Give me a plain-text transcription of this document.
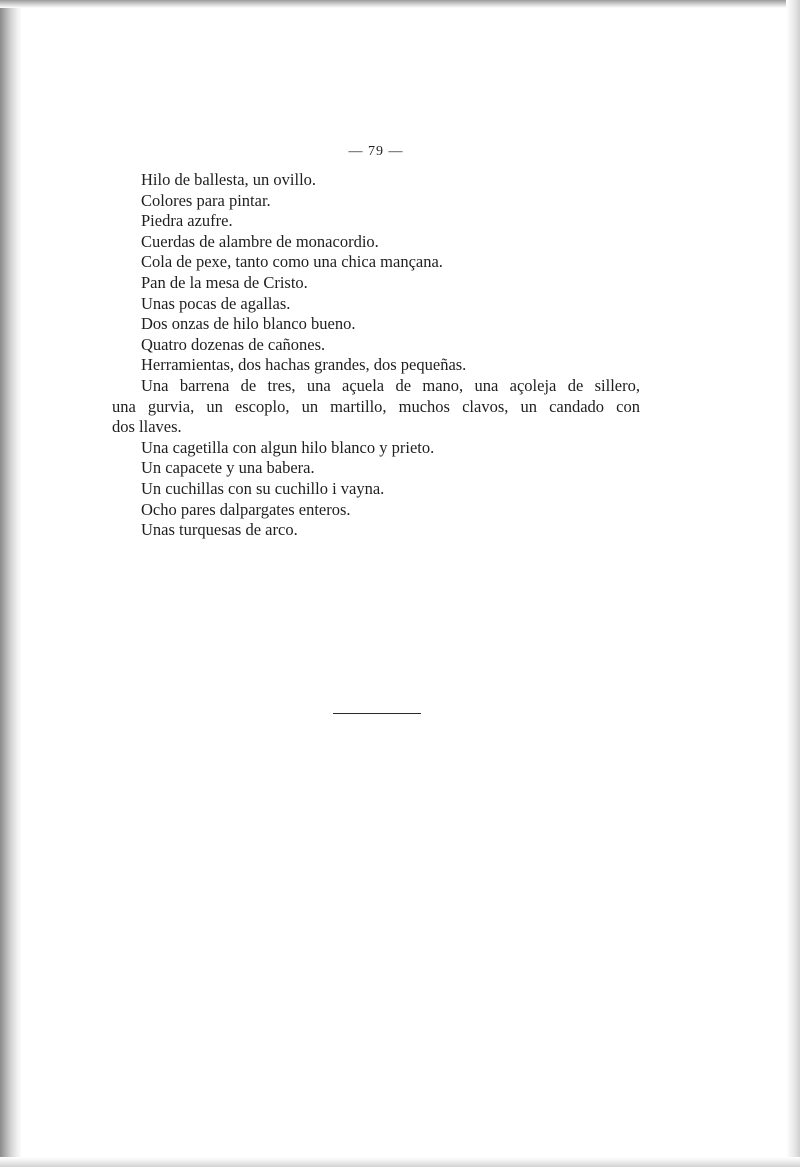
— 79 —
Hilo de ballesta, un ovillo.
Colores para pintar.
Piedra azufre.
Cuerdas de alambre de monacordio.
Cola de pexe, tanto como una chica mançana.
Pan de la mesa de Cristo.
Unas pocas de agallas.
Dos onzas de hilo blanco bueno.
Quatro dozenas de cañones.
Herramientas, dos hachas grandes, dos pequeñas.
Una barrena de tres, una açuela de mano, una açoleja de sillero,
una gurvia, un escoplo, un martillo, muchos clavos, un candado con
dos llaves.
Una cagetilla con algun hilo blanco y prieto.
Un capacete y una babera.
Un cuchillas con su cuchillo i vayna.
Ocho pares dalpargates enteros.
Unas turquesas de arco.
